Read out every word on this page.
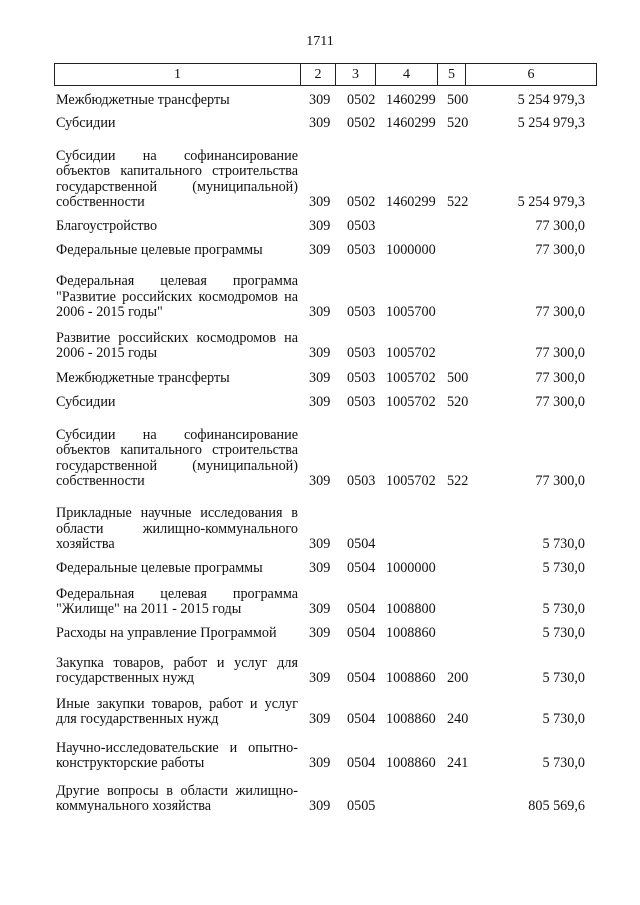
1711
1	2	3	4	5	6
Межбюджетные трансферты	309 0502 1460299 500	5 254 979,3
Субсидии	309 0502 1460299 520	5 254 979,3
Субсидии на софинансирование объектов капитального строительства государственной (муниципальной) собственности	309 0502 1460299 522	5 254 979,3
Благоустройство	309 0503	77 300,0
Федеральные целевые программы	309 0503 1000000	77 300,0
Федеральная целевая программа "Развитие российских космодромов на 2006 - 2015 годы"	309 0503 1005700	77 300,0
Развитие российских космодромов на 2006 - 2015 годы	309 0503 1005702	77 300,0
Межбюджетные трансферты	309 0503 1005702 500	77 300,0
Субсидии	309 0503 1005702 520	77 300,0
Субсидии на софинансирование объектов капитального строительства государственной (муниципальной) собственности	309 0503 1005702 522	77 300,0
Прикладные научные исследования в области жилищно-коммунального хозяйства	309 0504	5 730,0
Федеральные целевые программы	309 0504 1000000	5 730,0
Федеральная целевая программа "Жилище" на 2011 - 2015 годы	309 0504 1008800	5 730,0
Расходы на управление Программой	309 0504 1008860	5 730,0
Закупка товаров, работ и услуг для государственных нужд	309 0504 1008860 200	5 730,0
Иные закупки товаров, работ и услуг для государственных нужд	309 0504 1008860 240	5 730,0
Научно-исследовательские и опытно-конструкторские работы	309 0504 1008860 241	5 730,0
Другие вопросы в области жилищно-коммунального хозяйства	309 0505	805 569,6
